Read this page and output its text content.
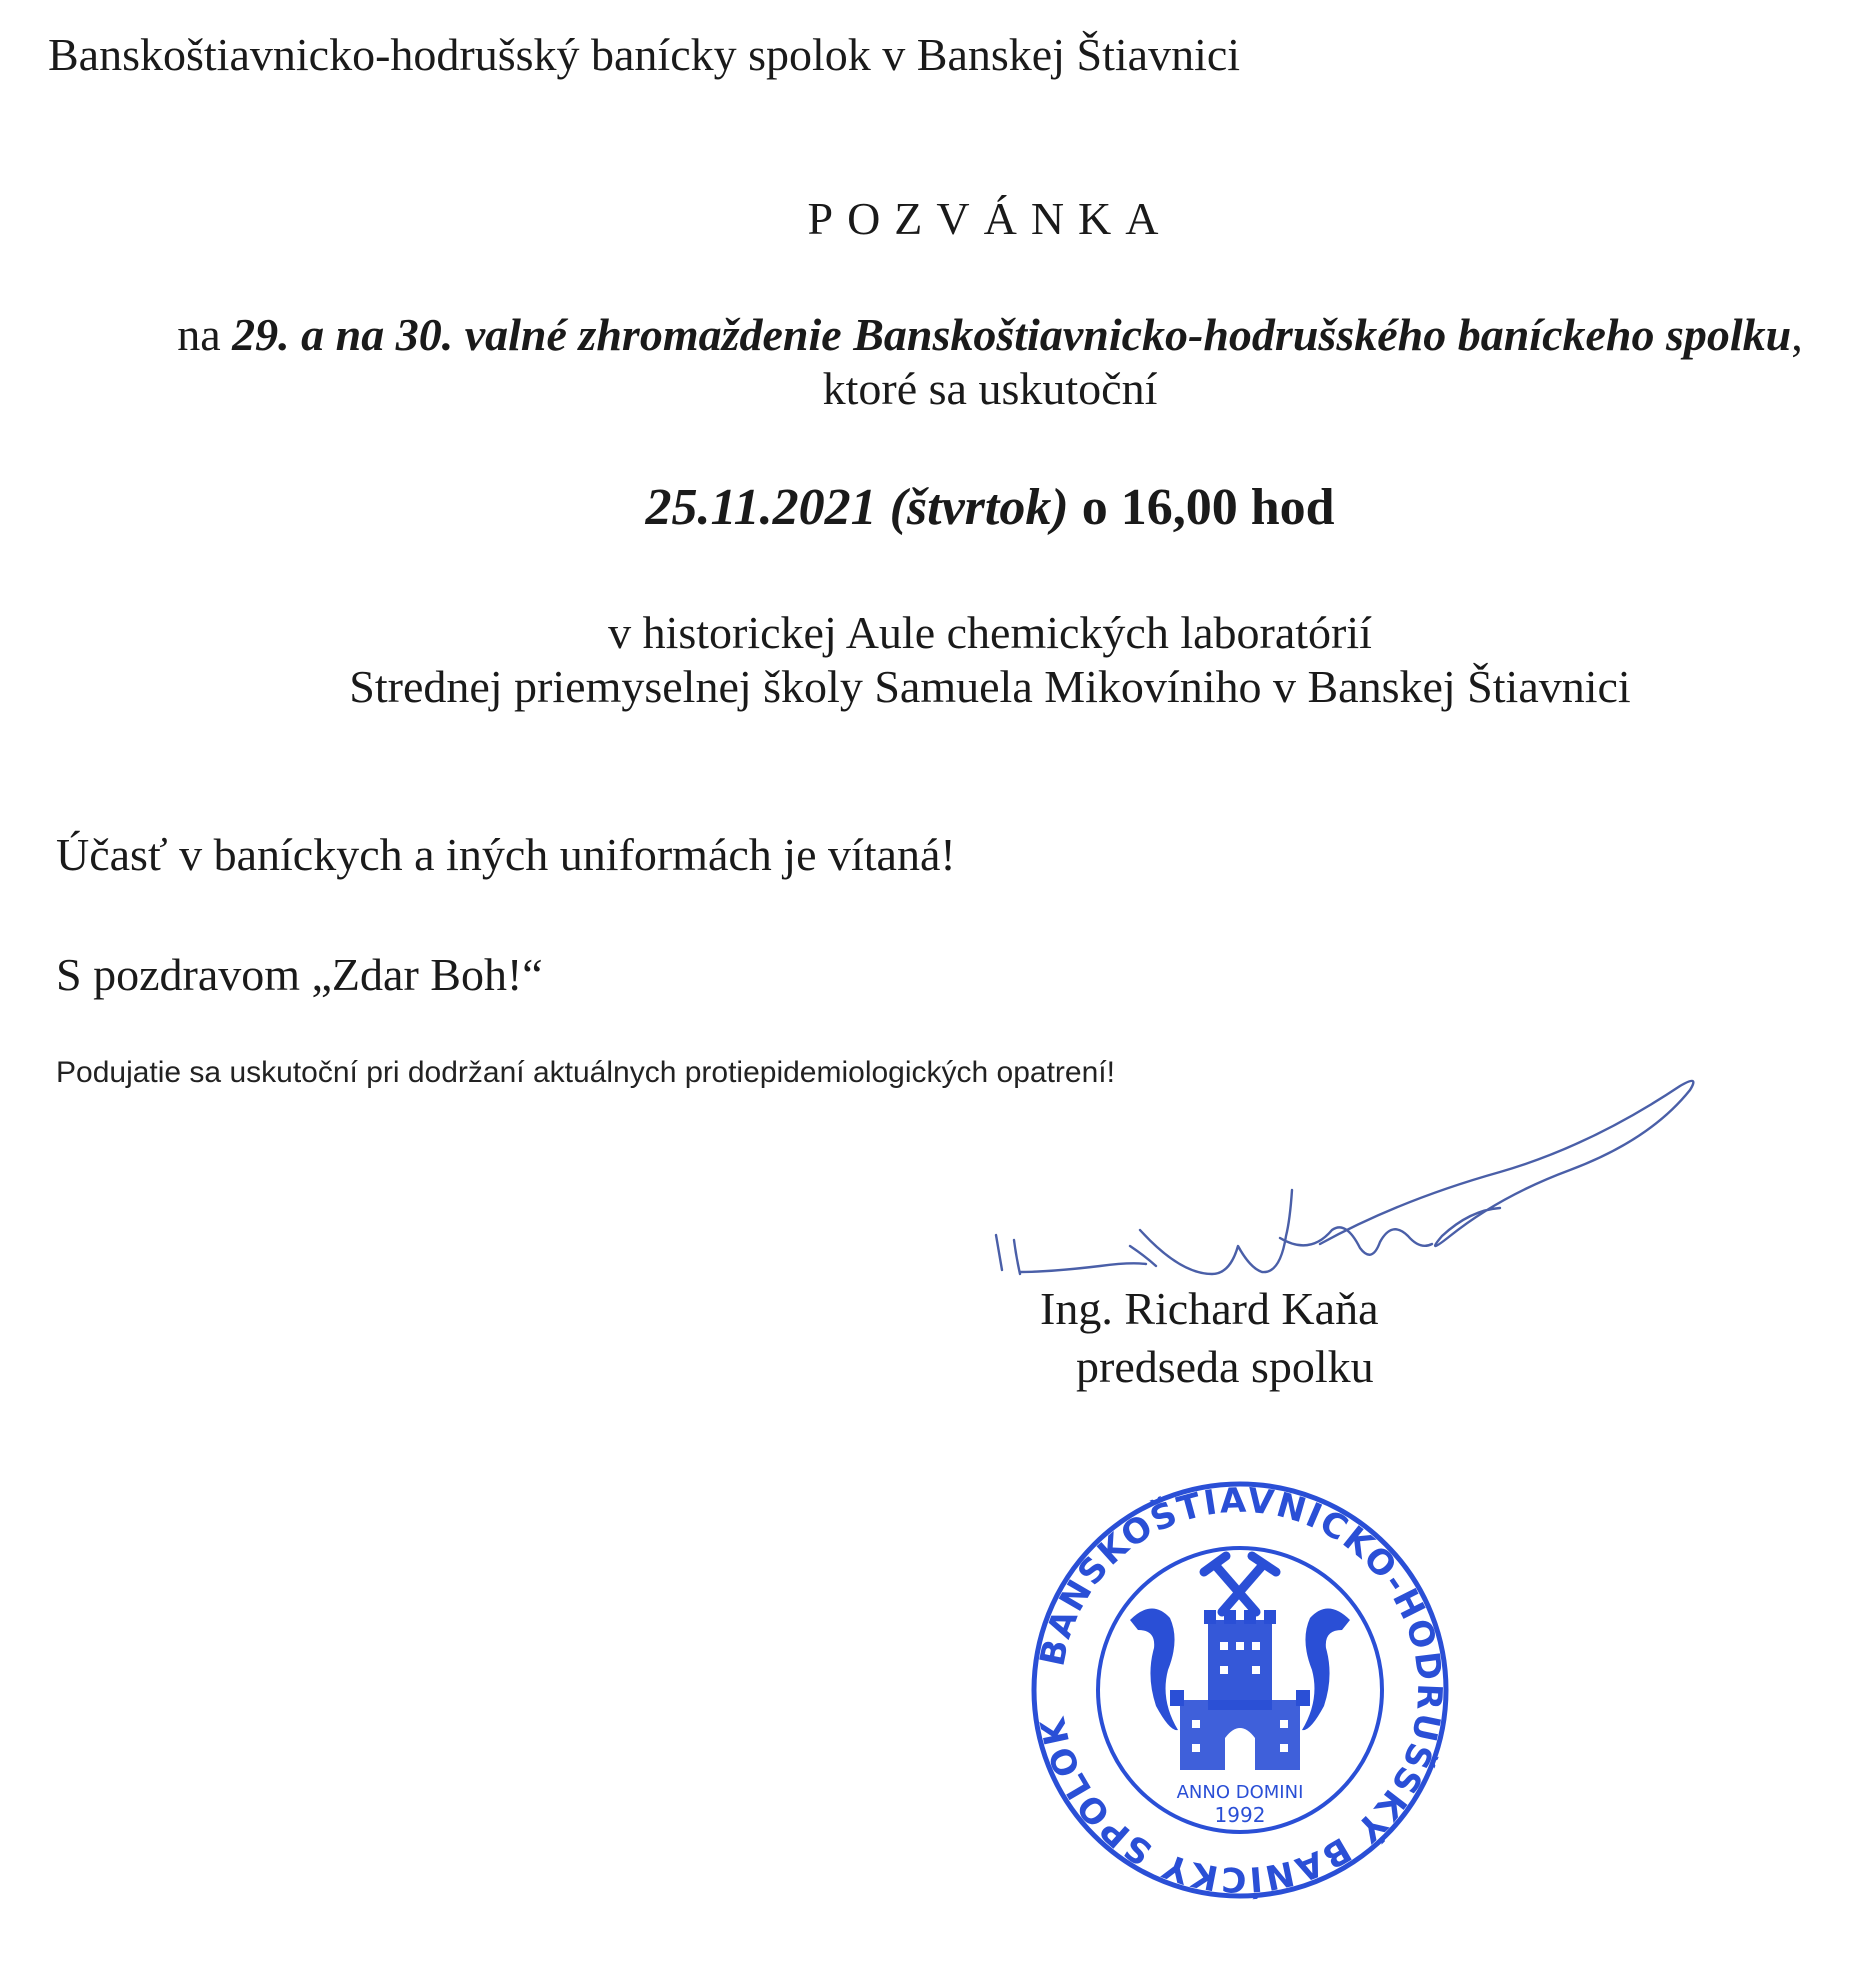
Banskoštiavnicko-hodrušský banícky spolok v Banskej Štiavnici
POZVÁNKA
na 29. a na 30. valné zhromaždenie Banskoštiavnicko-hodrušského baníckeho spolku,
ktoré sa uskutoční
25.11.2021 (štvrtok) o 16,00 hod
v historickej Aule chemických laboratórií
Strednej priemyselnej školy Samuela Mikovíniho v Banskej Štiavnici
Účasť v baníckych a iných uniformách je vítaná!
S pozdravom „Zdar Boh!“
Podujatie sa uskutoční pri dodržaní aktuálnych protiepidemiologických opatrení!
Ing. Richard Kaňa
predseda spolku
BANSKOŠTIAVNICKO-HODRUŠSKÝ BANÍCKY SPOLOK
ANNO DOMINI
1992
